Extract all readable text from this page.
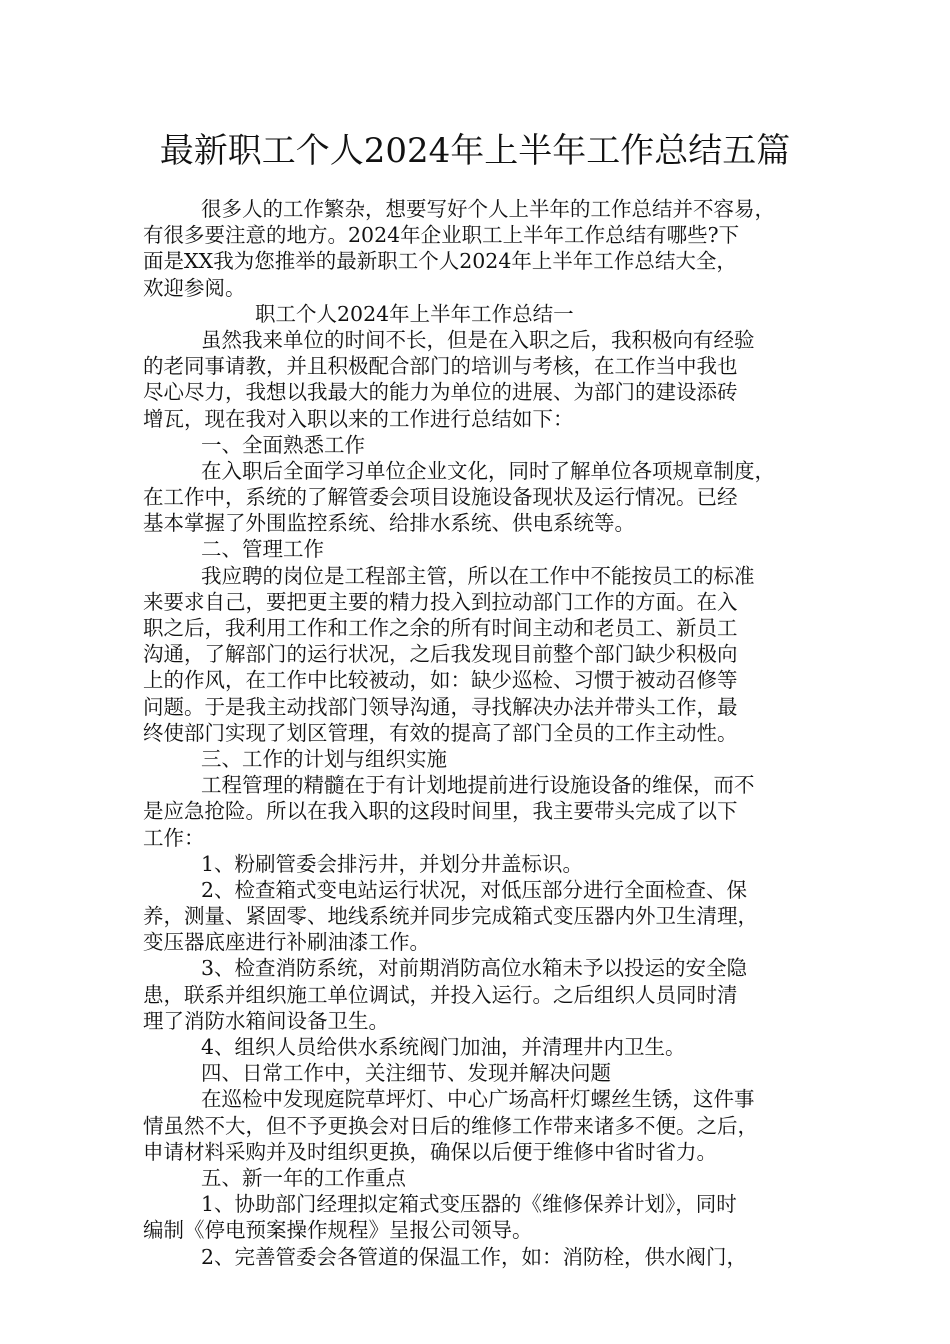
最新职工个人2024年上半年工作总结五篇
很多人的工作繁杂，想要写好个人上半年的工作总结并不容易，
有很多要注意的地方。2024年企业职工上半年工作总结有哪些?下
面是XX我为您推举的最新职工个人2024年上半年工作总结大全，
欢迎参阅。
职工个人2024年上半年工作总结一
虽然我来单位的时间不长，但是在入职之后，我积极向有经验
的老同事请教，并且积极配合部门的培训与考核，在工作当中我也
尽心尽力，我想以我最大的能力为单位的进展、为部门的建设添砖
增瓦，现在我对入职以来的工作进行总结如下：
一、全面熟悉工作
在入职后全面学习单位企业文化，同时了解单位各项规章制度，
在工作中，系统的了解管委会项目设施设备现状及运行情况。已经
基本掌握了外围监控系统、给排水系统、供电系统等。
二、管理工作
我应聘的岗位是工程部主管，所以在工作中不能按员工的标准
来要求自己，要把更主要的精力投入到拉动部门工作的方面。在入
职之后，我利用工作和工作之余的所有时间主动和老员工、新员工
沟通，了解部门的运行状况，之后我发现目前整个部门缺少积极向
上的作风，在工作中比较被动，如：缺少巡检、习惯于被动召修等
问题。于是我主动找部门领导沟通，寻找解决办法并带头工作，最
终使部门实现了划区管理，有效的提高了部门全员的工作主动性。
三、工作的计划与组织实施
工程管理的精髓在于有计划地提前进行设施设备的维保，而不
是应急抢险。所以在我入职的这段时间里，我主要带头完成了以下
工作：
1、粉刷管委会排污井，并划分井盖标识。
2、检查箱式变电站运行状况，对低压部分进行全面检查、保
养，测量、紧固零、地线系统并同步完成箱式变压器内外卫生清理，
变压器底座进行补刷油漆工作。
3、检查消防系统，对前期消防高位水箱未予以投运的安全隐
患，联系并组织施工单位调试，并投入运行。之后组织人员同时清
理了消防水箱间设备卫生。
4、组织人员给供水系统阀门加油，并清理井内卫生。
四、日常工作中，关注细节、发现并解决问题
在巡检中发现庭院草坪灯、中心广场高杆灯螺丝生锈，这件事
情虽然不大，但不予更换会对日后的维修工作带来诸多不便。之后，
申请材料采购并及时组织更换，确保以后便于维修中省时省力。
五、新一年的工作重点
1、协助部门经理拟定箱式变压器的《维修保养计划》，同时
编制《停电预案操作规程》呈报公司领导。
2、完善管委会各管道的保温工作，如：消防栓，供水阀门，
